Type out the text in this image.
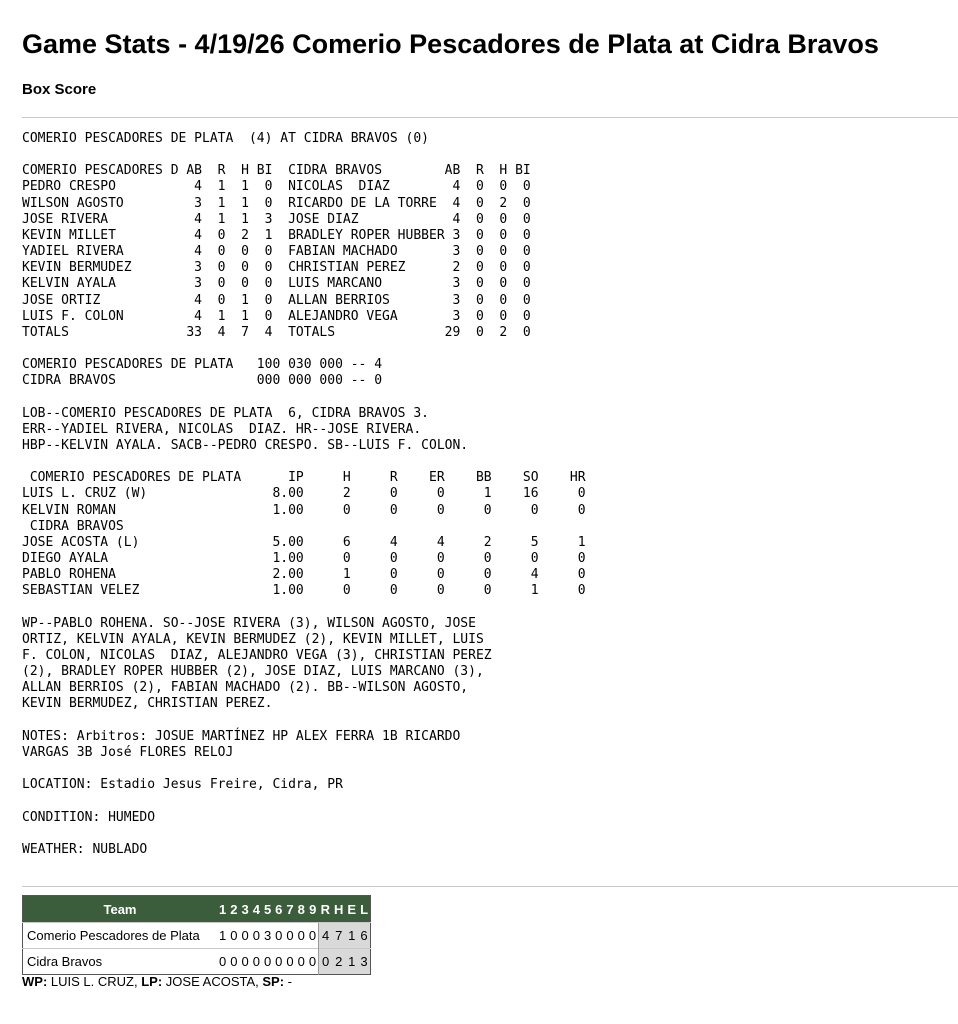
Game Stats - 4/19/26 Comerio Pescadores de Plata at Cidra Bravos
Box Score
COMERIO PESCADORES DE PLATA  (4) AT CIDRA BRAVOS (0)

COMERIO PESCADORES D AB  R  H BI  CIDRA BRAVOS        AB  R  H BI
PEDRO CRESPO          4  1  1  0  NICOLAS  DIAZ        4  0  0  0
WILSON AGOSTO         3  1  1  0  RICARDO DE LA TORRE  4  0  2  0
JOSE RIVERA           4  1  1  3  JOSE DIAZ            4  0  0  0
KEVIN MILLET          4  0  2  1  BRADLEY ROPER HUBBER 3  0  0  0
YADIEL RIVERA         4  0  0  0  FABIAN MACHADO       3  0  0  0
KEVIN BERMUDEZ        3  0  0  0  CHRISTIAN PEREZ      2  0  0  0
KELVIN AYALA          3  0  0  0  LUIS MARCANO         3  0  0  0
JOSE ORTIZ            4  0  1  0  ALLAN BERRIOS        3  0  0  0
LUIS F. COLON         4  1  1  0  ALEJANDRO VEGA       3  0  0  0
TOTALS               33  4  7  4  TOTALS              29  0  2  0

COMERIO PESCADORES DE PLATA   100 030 000 -- 4
CIDRA BRAVOS                  000 000 000 -- 0

LOB--COMERIO PESCADORES DE PLATA  6, CIDRA BRAVOS 3.
ERR--YADIEL RIVERA, NICOLAS  DIAZ. HR--JOSE RIVERA.
HBP--KELVIN AYALA. SACB--PEDRO CRESPO. SB--LUIS F. COLON.

COMERIO PESCADORES DE PLATA      IP     H     R    ER    BB    SO    HR
LUIS L. CRUZ (W)                8.00     2     0     0     1    16     0
KELVIN ROMAN                    1.00     0     0     0     0     0     0
CIDRA BRAVOS
JOSE ACOSTA (L)                 5.00     6     4     4     2     5     1
DIEGO AYALA                     1.00     0     0     0     0     0     0
PABLO ROHENA                    2.00     1     0     0     0     4     0
SEBASTIAN VELEZ                 1.00     0     0     0     0     1     0

WP--PABLO ROHENA. SO--JOSE RIVERA (3), WILSON AGOSTO, JOSE
ORTIZ, KELVIN AYALA, KEVIN BERMUDEZ (2), KEVIN MILLET, LUIS
F. COLON, NICOLAS  DIAZ, ALEJANDRO VEGA (3), CHRISTIAN PEREZ
(2), BRADLEY ROPER HUBBER (2), JOSE DIAZ, LUIS MARCANO (3),
ALLAN BERRIOS (2), FABIAN MACHADO (2). BB--WILSON AGOSTO,
KEVIN BERMUDEZ, CHRISTIAN PEREZ.

NOTES: Arbitros: JOSUE MARTÍNEZ HP ALEX FERRA 1B RICARDO
VARGAS 3B José FLORES RELOJ

LOCATION: Estadio Jesus Freire, Cidra, PR

CONDITION: HUMEDO

WEATHER: NUBLADO
Team	1	2	3	4	5	6	7	8	9	R	H	E	L
Comerio Pescadores de Plata	1	0	0	0	3	0	0	0	0	4	7	1	6
Cidra Bravos	0	0	0	0	0	0	0	0	0	0	2	1	3

WP: LUIS L. CRUZ, LP: JOSE ACOSTA, SP: -
